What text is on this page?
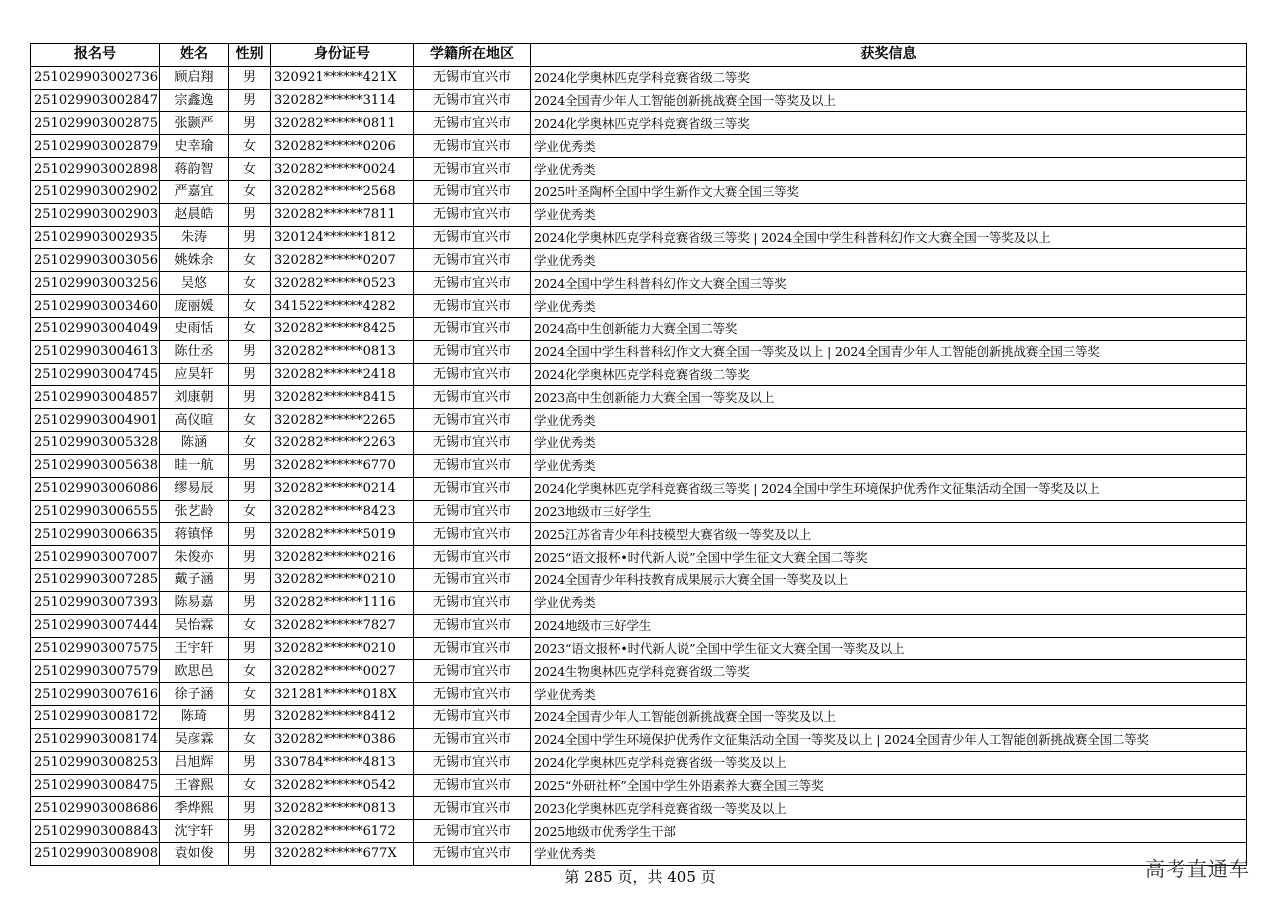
报名号	姓名	性别	身份证号	学籍所在地区	获奖信息
251029903002736	顾启翔	男	320921******421X	无锡市宜兴市	2024化学奥林匹克学科竞赛省级二等奖
251029903002847	宗鑫逸	男	320282******3114	无锡市宜兴市	2024全国青少年人工智能创新挑战赛全国一等奖及以上
251029903002875	张颢严	男	320282******0811	无锡市宜兴市	2024化学奥林匹克学科竞赛省级三等奖
251029903002879	史幸瑜	女	320282******0206	无锡市宜兴市	学业优秀类
251029903002898	蒋韵智	女	320282******0024	无锡市宜兴市	学业优秀类
251029903002902	严嘉宜	女	320282******2568	无锡市宜兴市	2025叶圣陶杯全国中学生新作文大赛全国三等奖
251029903002903	赵晨皓	男	320282******7811	无锡市宜兴市	学业优秀类
251029903002935	朱涛	男	320124******1812	无锡市宜兴市	2024化学奥林匹克学科竞赛省级三等奖 | 2024全国中学生科普科幻作文大赛全国一等奖及以上
251029903003056	姚姝余	女	320282******0207	无锡市宜兴市	学业优秀类
251029903003256	吴悠	女	320282******0523	无锡市宜兴市	2024全国中学生科普科幻作文大赛全国三等奖
251029903003460	庞丽媛	女	341522******4282	无锡市宜兴市	学业优秀类
251029903004049	史雨恬	女	320282******8425	无锡市宜兴市	2024高中生创新能力大赛全国二等奖
251029903004613	陈仕丞	男	320282******0813	无锡市宜兴市	2024全国中学生科普科幻作文大赛全国一等奖及以上 | 2024全国青少年人工智能创新挑战赛全国三等奖
251029903004745	应昊轩	男	320282******2418	无锡市宜兴市	2024化学奥林匹克学科竞赛省级二等奖
251029903004857	刘康朝	男	320282******8415	无锡市宜兴市	2023高中生创新能力大赛全国一等奖及以上
251029903004901	高仪暄	女	320282******2265	无锡市宜兴市	学业优秀类
251029903005328	陈涵	女	320282******2263	无锡市宜兴市	学业优秀类
251029903005638	眭一航	男	320282******6770	无锡市宜兴市	学业优秀类
251029903006086	缪易辰	男	320282******0214	无锡市宜兴市	2024化学奥林匹克学科竞赛省级三等奖 | 2024全国中学生环境保护优秀作文征集活动全国一等奖及以上
251029903006555	张艺龄	女	320282******8423	无锡市宜兴市	2023地级市三好学生
251029903006635	蒋镇怿	男	320282******5019	无锡市宜兴市	2025江苏省青少年科技模型大赛省级一等奖及以上
251029903007007	朱俊亦	男	320282******0216	无锡市宜兴市	2025“语文报杯•时代新人说”全国中学生征文大赛全国二等奖
251029903007285	戴子涵	男	320282******0210	无锡市宜兴市	2024全国青少年科技教育成果展示大赛全国一等奖及以上
251029903007393	陈易嘉	男	320282******1116	无锡市宜兴市	学业优秀类
251029903007444	吴怡霖	女	320282******7827	无锡市宜兴市	2024地级市三好学生
251029903007575	王宇轩	男	320282******0210	无锡市宜兴市	2023“语文报杯•时代新人说”全国中学生征文大赛全国一等奖及以上
251029903007579	欧思邑	女	320282******0027	无锡市宜兴市	2024生物奥林匹克学科竞赛省级二等奖
251029903007616	徐子涵	女	321281******018X	无锡市宜兴市	学业优秀类
251029903008172	陈琦	男	320282******8412	无锡市宜兴市	2024全国青少年人工智能创新挑战赛全国一等奖及以上
251029903008174	吴彦霖	女	320282******0386	无锡市宜兴市	2024全国中学生环境保护优秀作文征集活动全国一等奖及以上 | 2024全国青少年人工智能创新挑战赛全国二等奖
251029903008253	吕旭辉	男	330784******4813	无锡市宜兴市	2024化学奥林匹克学科竞赛省级一等奖及以上
251029903008475	王睿熙	女	320282******0542	无锡市宜兴市	2025“外研社杯”全国中学生外语素养大赛全国三等奖
251029903008686	季烨熙	男	320282******0813	无锡市宜兴市	2023化学奥林匹克学科竞赛省级一等奖及以上
251029903008843	沈宇轩	男	320282******6172	无锡市宜兴市	2025地级市优秀学生干部
251029903008908	袁如俊	男	320282******677X	无锡市宜兴市	学业优秀类
第 285 页，共 405 页	高考直通车
